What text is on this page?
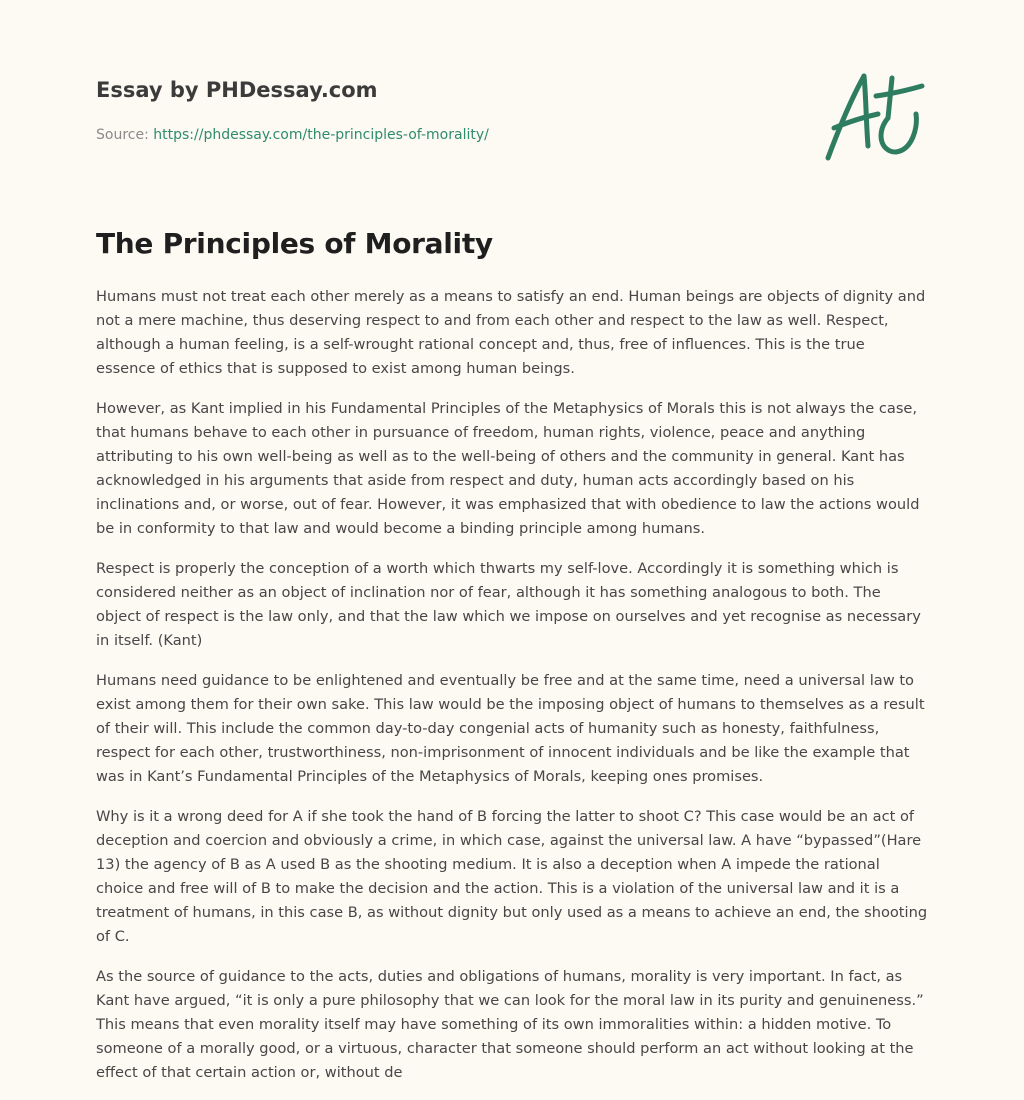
Essay by PHDessay.com
Source: https://phdessay.com/the-principles-of-morality/
The Principles of Morality

Humans must not treat each other merely as a means to satisfy an end. Human beings are objects of dignity and not a mere machine, thus deserving respect to and from each other and respect to the law as well. Respect, although a human feeling, is a self-wrought rational concept and, thus, free of influences. This is the true essence of ethics that is supposed to exist among human beings.

However, as Kant implied in his Fundamental Principles of the Metaphysics of Morals this is not always the case, that humans behave to each other in pursuance of freedom, human rights, violence, peace and anything attributing to his own well-being as well as to the well-being of others and the community in general. Kant has acknowledged in his arguments that aside from respect and duty, human acts accordingly based on his inclinations and, or worse, out of fear. However, it was emphasized that with obedience to law the actions would be in conformity to that law and would become a binding principle among humans.

Respect is properly the conception of a worth which thwarts my self-love. Accordingly it is something which is considered neither as an object of inclination nor of fear, although it has something analogous to both. The object of respect is the law only, and that the law which we impose on ourselves and yet recognise as necessary in itself. (Kant)

Humans need guidance to be enlightened and eventually be free and at the same time, need a universal law to exist among them for their own sake. This law would be the imposing object of humans to themselves as a result of their will. This include the common day-to-day congenial acts of humanity such as honesty, faithfulness, respect for each other, trustworthiness, non-imprisonment of innocent individuals and be like the example that was in Kant’s Fundamental Principles of the Metaphysics of Morals, keeping ones promises.

Why is it a wrong deed for A if she took the hand of B forcing the latter to shoot C? This case would be an act of deception and coercion and obviously a crime, in which case, against the universal law. A have “bypassed”(Hare 13) the agency of B as A used B as the shooting medium. It is also a deception when A impede the rational choice and free will of B to make the decision and the action. This is a violation of the universal law and it is a treatment of humans, in this case B, as without dignity but only used as a means to achieve an end, the shooting of C.

As the source of guidance to the acts, duties and obligations of humans, morality is very important. In fact, as Kant have argued, “it is only a pure philosophy that we can look for the moral law in its purity and genuineness.” This means that even morality itself may have something of its own immoralities within: a hidden motive. To someone of a morally good, or a virtuous, character that someone should perform an act without looking at the effect of that certain action or, without de
